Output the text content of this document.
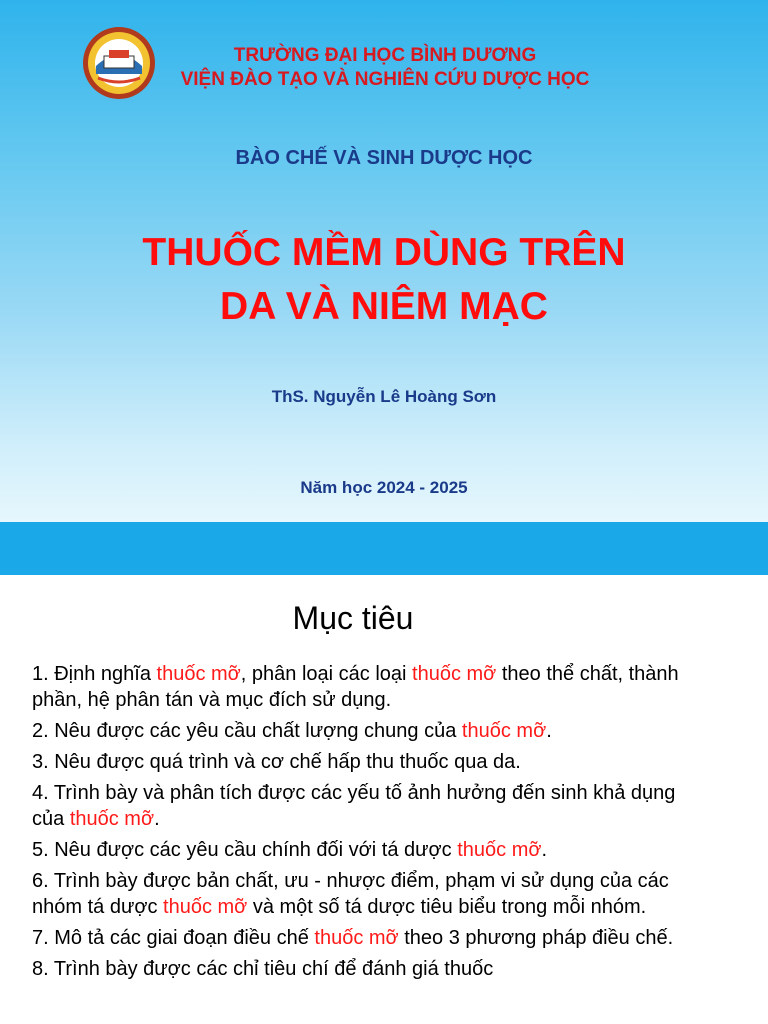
TRƯỜNG ĐẠI HỌC BÌNH DƯƠNG
VIỆN ĐÀO TẠO VÀ NGHIÊN CỨU DƯỢC HỌC
BÀO CHẾ VÀ SINH DƯỢC HỌC
THUỐC MỀM DÙNG TRÊN
DA VÀ NIÊM MẠC
ThS. Nguyễn Lê Hoàng Sơn
Năm học 2024 - 2025
Mục tiêu
1. Định nghĩa thuốc mỡ, phân loại các loại thuốc mỡ theo thể chất, thành phần, hệ phân tán và mục đích sử dụng.
2. Nêu được các yêu cầu chất lượng chung của thuốc mỡ.
3. Nêu được quá trình và cơ chế hấp thu thuốc qua da.
4. Trình bày và phân tích được các yếu tố ảnh hưởng đến sinh khả dụng của thuốc mỡ.
5. Nêu được các yêu cầu chính đối với tá dược thuốc mỡ.
6. Trình bày được bản chất, ưu - nhược điểm, phạm vi sử dụng của các nhóm tá dược thuốc mỡ và một số tá dược tiêu biểu trong mỗi nhóm.
7. Mô tả các giai đoạn điều chế thuốc mỡ theo 3 phương pháp điều chế.
8. Trình bày được các chỉ tiêu chí để đánh giá thuốc
